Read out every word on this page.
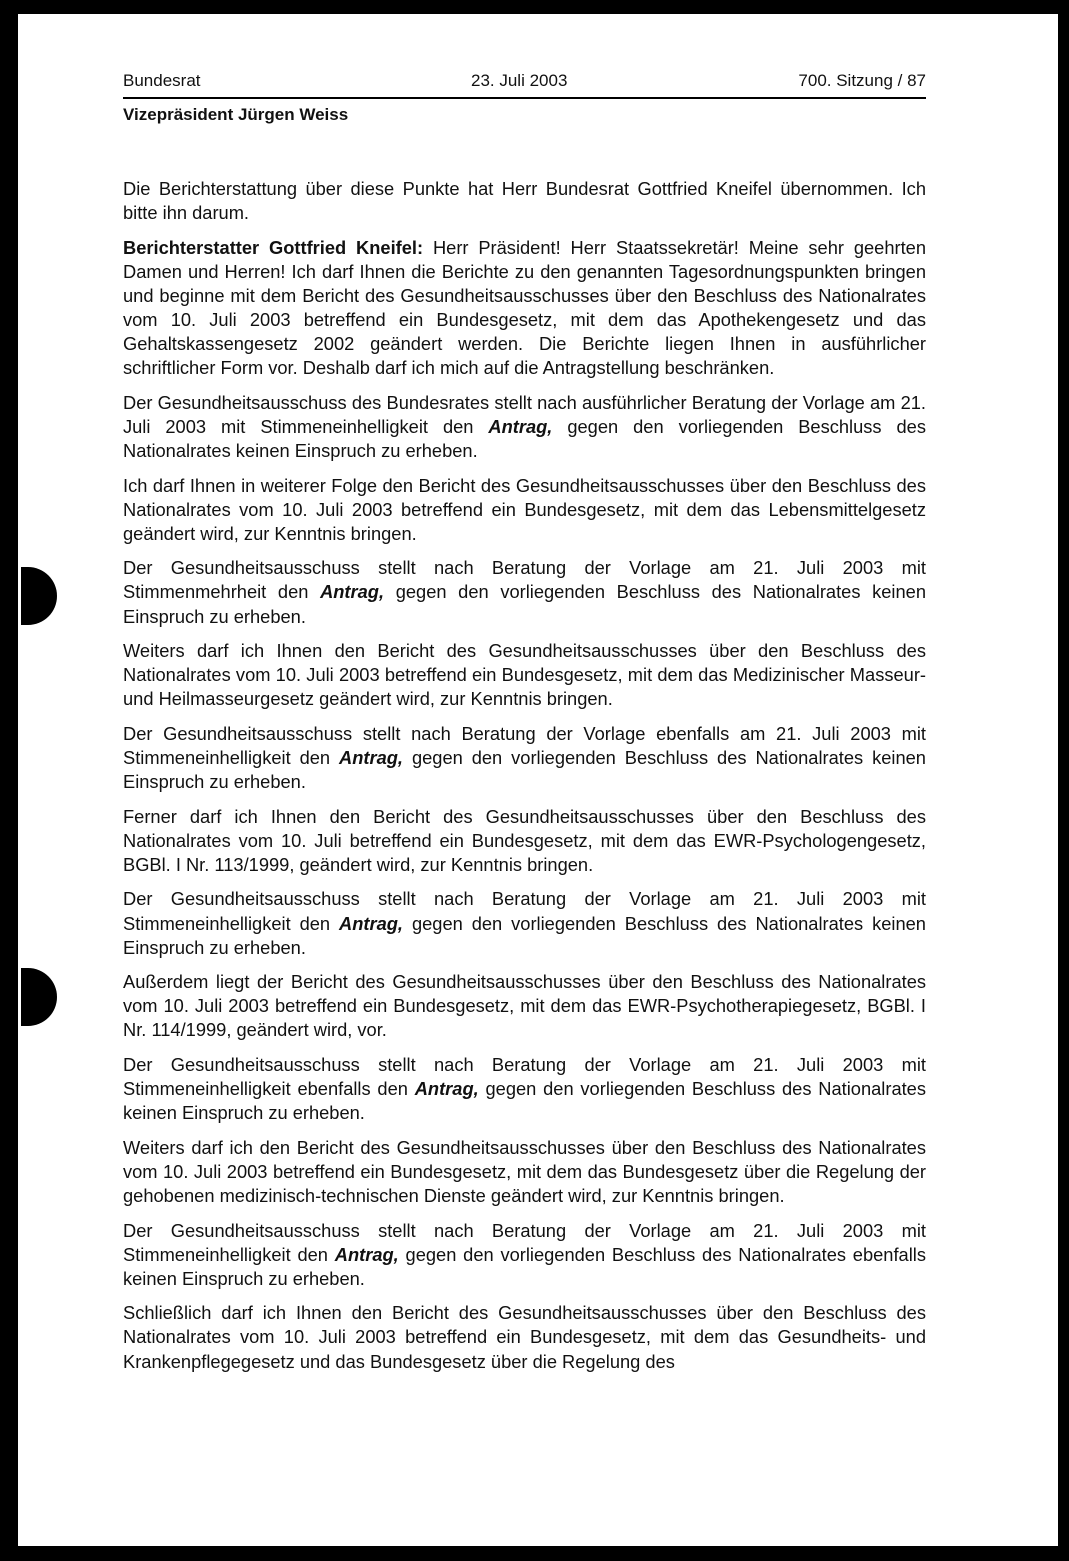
Bundesrat	23. Juli 2003	700. Sitzung / 87
Vizepräsident Jürgen Weiss

Die Berichterstattung über diese Punkte hat Herr Bundesrat Gottfried Kneifel übernommen. Ich bitte ihn darum.

Berichterstatter Gottfried Kneifel: Herr Präsident! Herr Staatssekretär! Meine sehr geehrten Damen und Herren! Ich darf Ihnen die Berichte zu den genannten Tagesordnungspunkten bringen und beginne mit dem Bericht des Gesundheitsausschusses über den Beschluss des Nationalrates vom 10. Juli 2003 betreffend ein Bundesgesetz, mit dem das Apothekengesetz und das Gehaltskassengesetz 2002 geändert werden. Die Berichte liegen Ihnen in ausführlicher schriftlicher Form vor. Deshalb darf ich mich auf die Antragstellung beschränken.

Der Gesundheitsausschuss des Bundesrates stellt nach ausführlicher Beratung der Vorlage am 21. Juli 2003 mit Stimmeneinhelligkeit den Antrag, gegen den vorliegenden Beschluss des Nationalrates keinen Einspruch zu erheben.

Ich darf Ihnen in weiterer Folge den Bericht des Gesundheitsausschusses über den Beschluss des Nationalrates vom 10. Juli 2003 betreffend ein Bundesgesetz, mit dem das Lebensmittelgesetz geändert wird, zur Kenntnis bringen.

Der Gesundheitsausschuss stellt nach Beratung der Vorlage am 21. Juli 2003 mit Stimmenmehrheit den Antrag, gegen den vorliegenden Beschluss des Nationalrates keinen Einspruch zu erheben.

Weiters darf ich Ihnen den Bericht des Gesundheitsausschusses über den Beschluss des Nationalrates vom 10. Juli 2003 betreffend ein Bundesgesetz, mit dem das Medizinischer Masseur- und Heilmasseurgesetz geändert wird, zur Kenntnis bringen.

Der Gesundheitsausschuss stellt nach Beratung der Vorlage ebenfalls am 21. Juli 2003 mit Stimmeneinhelligkeit den Antrag, gegen den vorliegenden Beschluss des Nationalrates keinen Einspruch zu erheben.

Ferner darf ich Ihnen den Bericht des Gesundheitsausschusses über den Beschluss des Nationalrates vom 10. Juli betreffend ein Bundesgesetz, mit dem das EWR-Psychologengesetz, BGBl. I Nr. 113/1999, geändert wird, zur Kenntnis bringen.

Der Gesundheitsausschuss stellt nach Beratung der Vorlage am 21. Juli 2003 mit Stimmeneinhelligkeit den Antrag, gegen den vorliegenden Beschluss des Nationalrates keinen Einspruch zu erheben.

Außerdem liegt der Bericht des Gesundheitsausschusses über den Beschluss des Nationalrates vom 10. Juli 2003 betreffend ein Bundesgesetz, mit dem das EWR-Psychotherapiegesetz, BGBl. I Nr. 114/1999, geändert wird, vor.

Der Gesundheitsausschuss stellt nach Beratung der Vorlage am 21. Juli 2003 mit Stimmeneinhelligkeit ebenfalls den Antrag, gegen den vorliegenden Beschluss des Nationalrates keinen Einspruch zu erheben.

Weiters darf ich den Bericht des Gesundheitsausschusses über den Beschluss des Nationalrates vom 10. Juli 2003 betreffend ein Bundesgesetz, mit dem das Bundesgesetz über die Regelung der gehobenen medizinisch-technischen Dienste geändert wird, zur Kenntnis bringen.

Der Gesundheitsausschuss stellt nach Beratung der Vorlage am 21. Juli 2003 mit Stimmeneinhelligkeit den Antrag, gegen den vorliegenden Beschluss des Nationalrates ebenfalls keinen Einspruch zu erheben.

Schließlich darf ich Ihnen den Bericht des Gesundheitsausschusses über den Beschluss des Nationalrates vom 10. Juli 2003 betreffend ein Bundesgesetz, mit dem das Gesundheits- und Krankenpflegegesetz und das Bundesgesetz über die Regelung des
